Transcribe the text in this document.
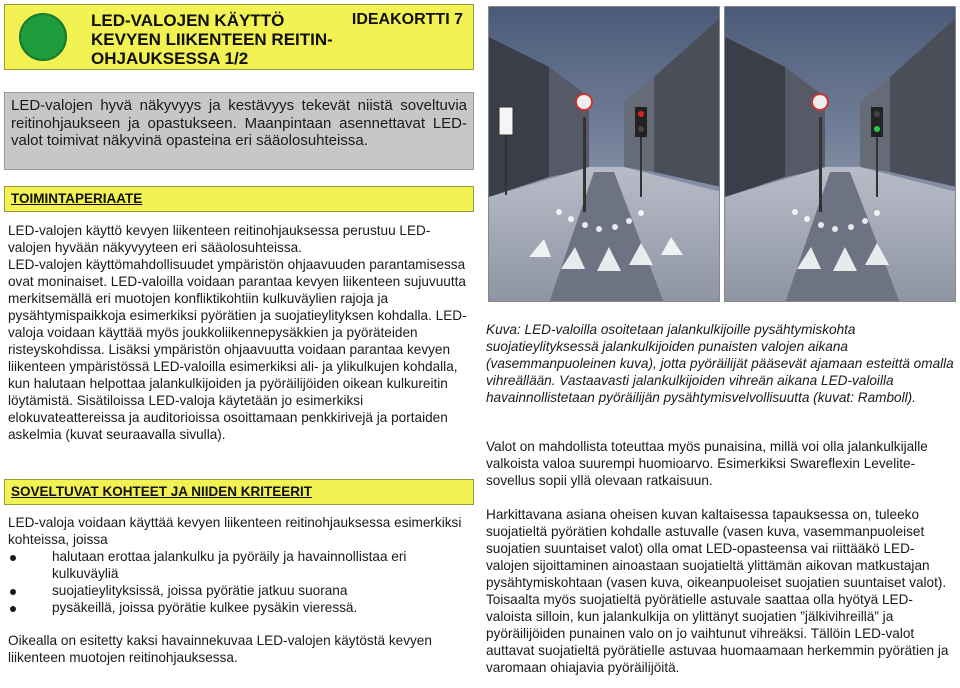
LED-VALOJEN KÄYTTÖ
KEVYEN LIIKENTEEN REITIN-
OHJAUKSESSA 1/2
IDEAKORTTI 7
LED-valojen hyvä näkyvyys ja kestävyys tekevät niistä soveltuvia reitinohjaukseen ja opastukseen. Maanpintaan asennettavat LED-valot toimivat näkyvinä opasteina eri sääolosuhteissa.
TOIMINTAPERIAATE

LED-valojen käyttö kevyen liikenteen reitinohjauksessa perustuu LED-valojen hyvään näkyvyyteen eri sääolosuhteissa.

LED-valojen käyttömahdollisuudet ympäristön ohjaavuuden parantamisessa ovat moninaiset. LED-valoilla voidaan parantaa kevyen liikenteen sujuvuutta merkitsemällä eri muotojen konfliktikohtiin kulkuväylien rajoja ja pysähtymispaikkoja esimerkiksi pyörätien ja suojatieylityksen kohdalla. LED-valoja voidaan käyttää myös joukkoliikennepysäkkien ja pyöräteiden risteyskohdissa. Lisäksi ympäristön ohjaavuutta voidaan parantaa kevyen liikenteen ympäristössä LED-valoilla esimerkiksi ali- ja ylikulkujen kohdalla, kun halutaan helpottaa jalankulkijoiden ja pyöräilijöiden oikean kulkureitin löytämistä. Sisätiloissa LED-valoja käytetään jo esimerkiksi elokuvateattereissa ja auditorioissa osoittamaan penkkirivejä ja portaiden askelmia (kuvat seuraavalla sivulla).

SOVELTUVAT KOHTEET JA NIIDEN KRITEERIT
LED-valoja voidaan käyttää kevyen liikenteen reitinohjauksessa esimerkiksi kohteissa, joissa
halutaan erottaa jalankulku ja pyöräily ja havainnollistaa eri kulkuväyliä
suojatieylityksissä, joissa pyörätie jatkuu suorana
pysäkeillä, joissa pyörätie kulkee pysäkin vieressä.
Oikealla on esitetty kaksi havainnekuvaa LED-valojen käytöstä kevyen liikenteen muotojen reitinohjauksessa.
Kuva: LED-valoilla osoitetaan jalankulkijoille pysähtymiskohta suojatieylityksessä jalankulkijoiden punaisten valojen aikana (vasemmanpuoleinen kuva), jotta pyöräilijät pääsevät ajamaan esteittä omalla vihreällään. Vastaavasti jalankulkijoiden vihreän aikana LED-valoilla havainnollistetaan pyöräilijän pysähtymisvelvollisuutta (kuvat: Ramboll).
Valot on mahdollista toteuttaa myös punaisina, millä voi olla jalankulkijalle valkoista valoa suurempi huomioarvo. Esimerkiksi Swareflexin Levelite-sovellus sopii yllä olevaan ratkaisuun.
Harkittavana asiana oheisen kuvan kaltaisessa tapauksessa on, tuleeko suojatieltä pyörätien kohdalle astuvalle (vasen kuva, vasemmanpuoleiset suojatien suuntaiset valot) olla omat LED-opasteensa vai riittääkö LED-valojen sijoittaminen ainoastaan suojatieltä ylittämän aikovan matkustajan pysähtymiskohtaan (vasen kuva, oikeanpuoleiset suojatien suuntaiset valot). Toisaalta myös suojatieltä pyörätielle astuvale saattaa olla hyötyä LED-valoista silloin, kun jalankulkija on ylittänyt suojatien ”jälkivihreillä” ja pyöräilijöiden punainen valo on jo vaihtunut vihreäksi. Tällöin LED-valot auttavat suojatieltä pyörätielle astuvaa huomaamaan herkemmin pyörätien ja varomaan ohiajavia pyöräilijöitä.
